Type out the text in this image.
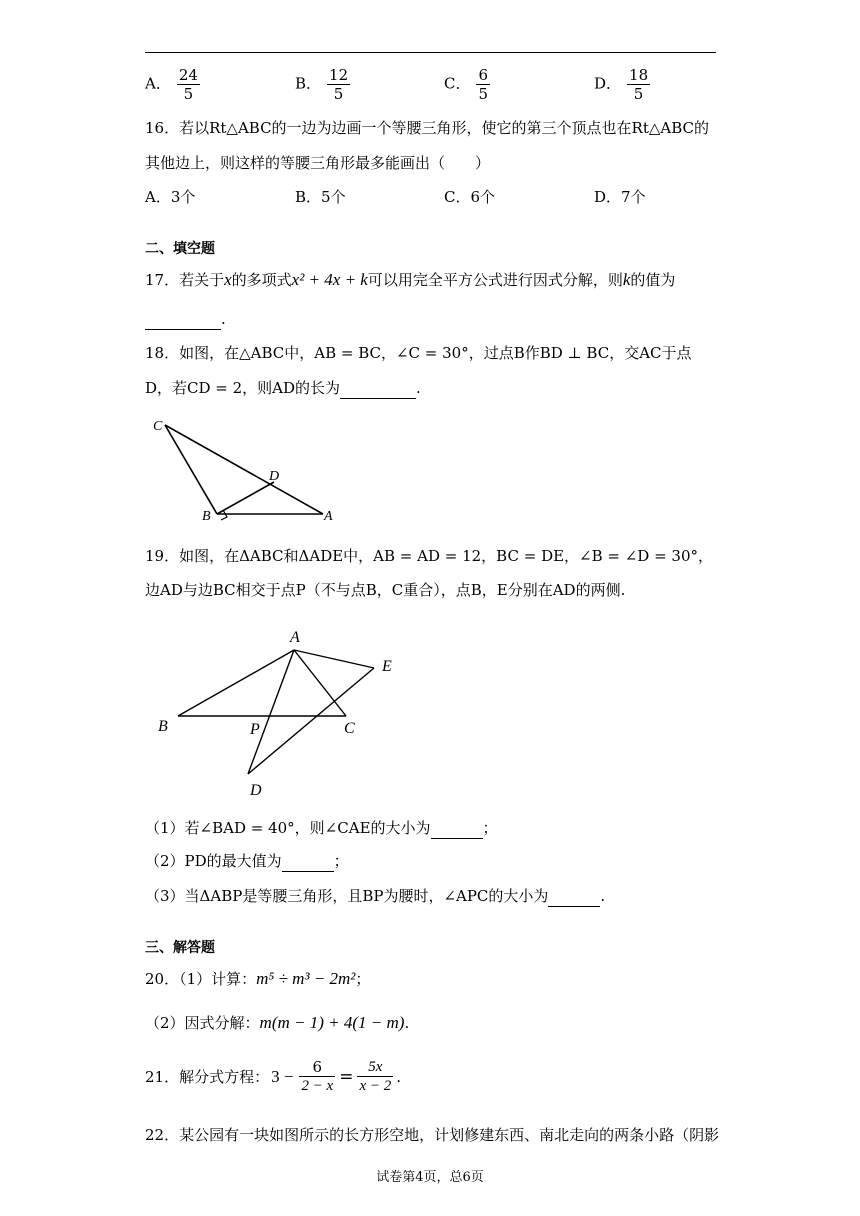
A． $\frac{24}{5}$	B． $\frac{12}{5}$	C． $\frac{6}{5}$	D． $\frac{18}{5}$
16．若以Rt△ABC的一边为边画一个等腰三角形，使它的第三个顶点也在Rt△ABC的
其他边上，则这样的等腰三角形最多能画出（　　）
A．3个	B．5个	C．6个	D．7个
二、填空题
17．若关于x的多项式x² + 4x + k可以用完全平方公式进行因式分解，则k的值为
.
18．如图，在△ABC中，AB = BC，∠C = 30°，过点B作BD ⊥ BC，交AC于点
D，若CD = 2，则AD的长为	.
C
D
B	A
19．如图，在ΔABC和ΔADE中，AB = AD = 12，BC = DE，∠B = ∠D = 30°，
边AD与边BC相交于点P（不与点B，C重合），点B，E分别在AD的两侧.
A
B	C
P
E
D
（1）若∠BAD = 40°，则∠CAE的大小为	；
（2）PD的最大值为	；
（3）当ΔABP是等腰三角形，且BP为腰时，∠APC的大小为	.
三、解答题
20．（1）计算：m⁵ ÷ m³ − 2m²；
（2）因式分解：m(m − 1) + 4(1 − m).
21．解分式方程： $3 - \frac{6}{2 - x} = \frac{5x}{x - 2}$ .
22．某公园有一块如图所示的长方形空地，计划修建东西、南北走向的两条小路（阴影
试卷第4页，总6页
